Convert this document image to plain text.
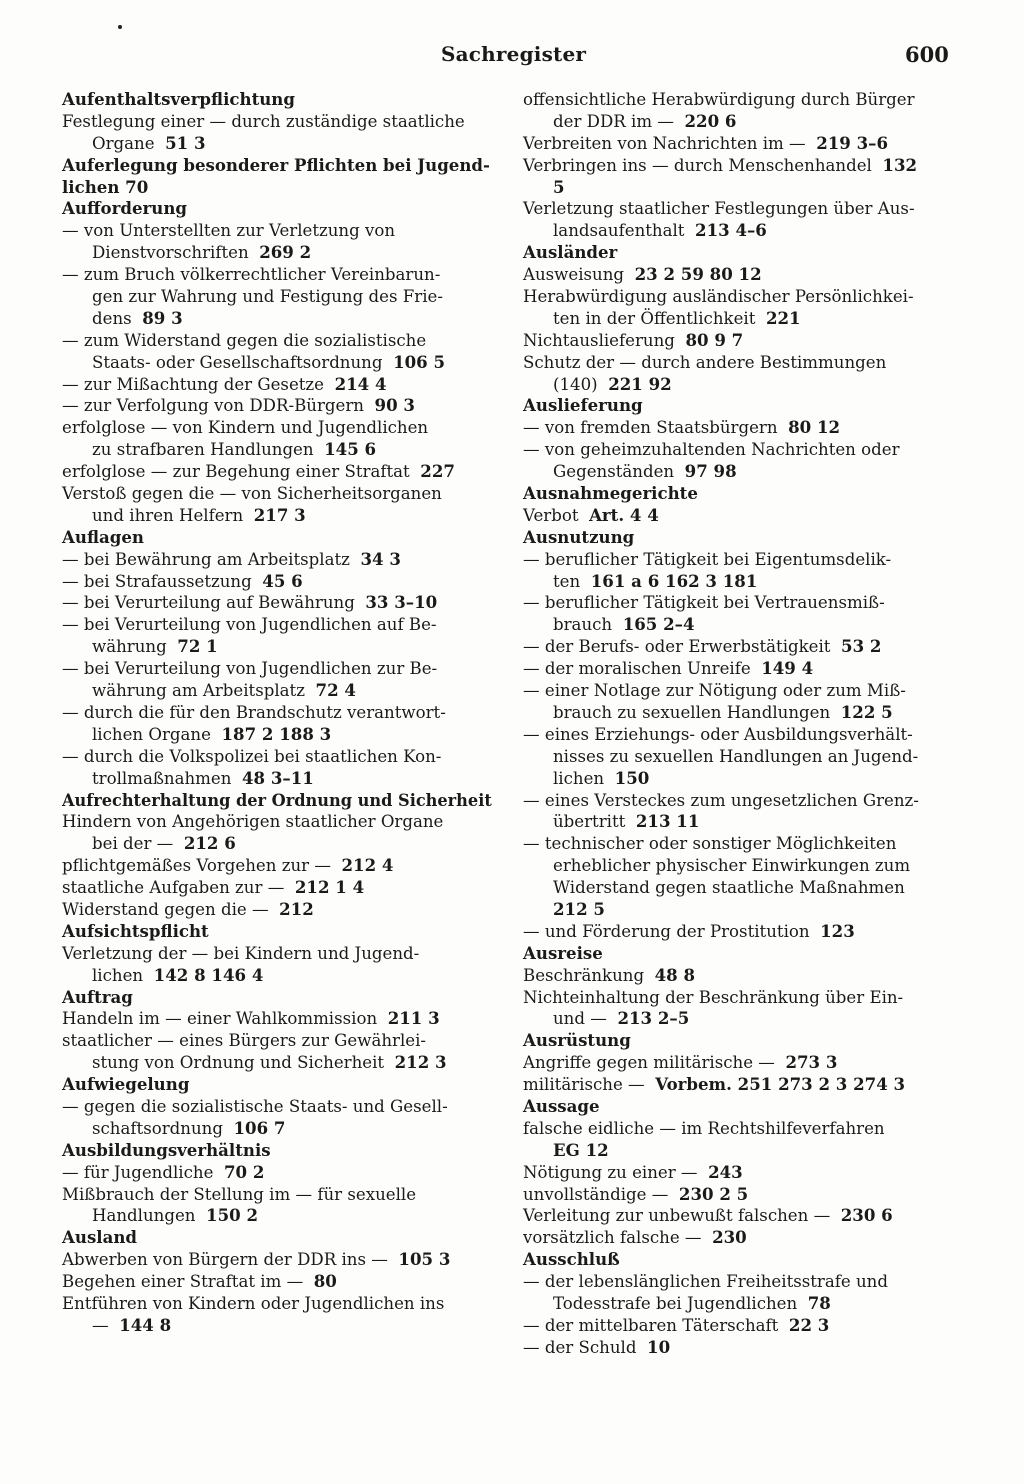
Sachregister	600
Aufenthaltsverpflichtung
Festlegung einer — durch zuständige staatliche
Organe 51 3
Auferlegung besonderer Pflichten bei Jugend-
lichen 70
Aufforderung
— von Unterstellten zur Verletzung von
Dienstvorschriften 269 2
— zum Bruch völkerrechtlicher Vereinbarun-
gen zur Wahrung und Festigung des Frie-
dens 89 3
— zum Widerstand gegen die sozialistische
Staats- oder Gesellschaftsordnung 106 5
— zur Mißachtung der Gesetze 214 4
— zur Verfolgung von DDR-Bürgern 90 3
erfolglose — von Kindern und Jugendlichen
zu strafbaren Handlungen 145 6
erfolglose — zur Begehung einer Straftat 227
Verstoß gegen die — von Sicherheitsorganen
und ihren Helfern 217 3
Auflagen
— bei Bewährung am Arbeitsplatz 34 3
— bei Strafaussetzung 45 6
— bei Verurteilung auf Bewährung 33 3–10
— bei Verurteilung von Jugendlichen auf Be-
währung 72 1
— bei Verurteilung von Jugendlichen zur Be-
währung am Arbeitsplatz 72 4
— durch die für den Brandschutz verantwort-
lichen Organe 187 2 188 3
— durch die Volkspolizei bei staatlichen Kon-
trollmaßnahmen 48 3–11
Aufrechterhaltung der Ordnung und Sicherheit
Hindern von Angehörigen staatlicher Organe
bei der — 212 6
pflichtgemäßes Vorgehen zur — 212 4
staatliche Aufgaben zur — 212 1 4
Widerstand gegen die — 212
Aufsichtspflicht
Verletzung der — bei Kindern und Jugend-
lichen 142 8 146 4
Auftrag
Handeln im — einer Wahlkommission 211 3
staatlicher — eines Bürgers zur Gewährlei-
stung von Ordnung und Sicherheit 212 3
Aufwiegelung
— gegen die sozialistische Staats- und Gesell-
schaftsordnung 106 7
Ausbildungsverhältnis
— für Jugendliche 70 2
Mißbrauch der Stellung im — für sexuelle
Handlungen 150 2
Ausland
Abwerben von Bürgern der DDR ins — 105 3
Begehen einer Straftat im — 80
Entführen von Kindern oder Jugendlichen ins
— 144 8
offensichtliche Herabwürdigung durch Bürger
der DDR im — 220 6
Verbreiten von Nachrichten im — 219 3–6
Verbringen ins — durch Menschenhandel 132
5
Verletzung staatlicher Festlegungen über Aus-
landsaufenthalt 213 4–6
Ausländer
Ausweisung 23 2 59 80 12
Herabwürdigung ausländischer Persönlichkei-
ten in der Öffentlichkeit 221
Nichtauslieferung 80 9 7
Schutz der — durch andere Bestimmungen
(140) 221 92
Auslieferung
— von fremden Staatsbürgern 80 12
— von geheimzuhaltenden Nachrichten oder
Gegenständen 97 98
Ausnahmegerichte
Verbot Art. 4 4
Ausnutzung
— beruflicher Tätigkeit bei Eigentumsdelik-
ten 161 a 6 162 3 181
— beruflicher Tätigkeit bei Vertrauensmiß-
brauch 165 2–4
— der Berufs- oder Erwerbstätigkeit 53 2
— der moralischen Unreife 149 4
— einer Notlage zur Nötigung oder zum Miß-
brauch zu sexuellen Handlungen 122 5
— eines Erziehungs- oder Ausbildungsverhält-
nisses zu sexuellen Handlungen an Jugend-
lichen 150
— eines Versteckes zum ungesetzlichen Grenz-
übertritt 213 11
— technischer oder sonstiger Möglichkeiten
erheblicher physischer Einwirkungen zum
Widerstand gegen staatliche Maßnahmen
212 5
— und Förderung der Prostitution 123
Ausreise
Beschränkung 48 8
Nichteinhaltung der Beschränkung über Ein-
und — 213 2–5
Ausrüstung
Angriffe gegen militärische — 273 3
militärische — Vorbem. 251 273 2 3 274 3
Aussage
falsche eidliche — im Rechtshilfeverfahren
EG 12
Nötigung zu einer — 243
unvollständige — 230 2 5
Verleitung zur unbewußt falschen — 230 6
vorsätzlich falsche — 230
Ausschluß
— der lebenslänglichen Freiheitsstrafe und
Todesstrafe bei Jugendlichen 78
— der mittelbaren Täterschaft 22 3
— der Schuld 10
